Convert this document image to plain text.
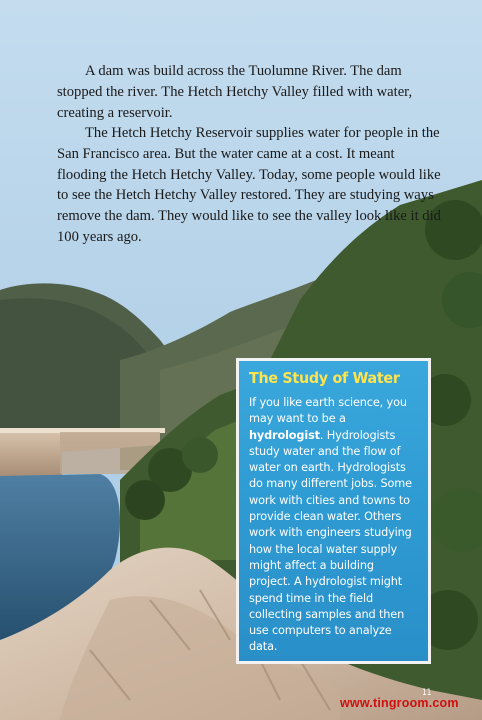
A dam was build across the Tuolumne River. The dam stopped the river. The Hetch Hetchy Valley filled with water, creating a reservoir.

The Hetch Hetchy Reservoir supplies water for people in the San Francisco area. But the water came at a cost. It meant flooding the Hetch Hetchy Valley. Today, some people would like to see the Hetch Hetchy Valley restored. They are studying ways remove the dam. They would like to see the valley look like it did 100 years ago.

The Study of Water

If you like earth science, you may want to be a hydrologist. Hydrologists study water and the flow of water on earth. Hydrologists do many different jobs. Some work with cities and towns to provide clean water. Others work with engineers studying how the local water supply might affect a building project. A hydrologist might spend time in the field collecting samples and then use computers to analyze data.

11
www.tingroom.com
